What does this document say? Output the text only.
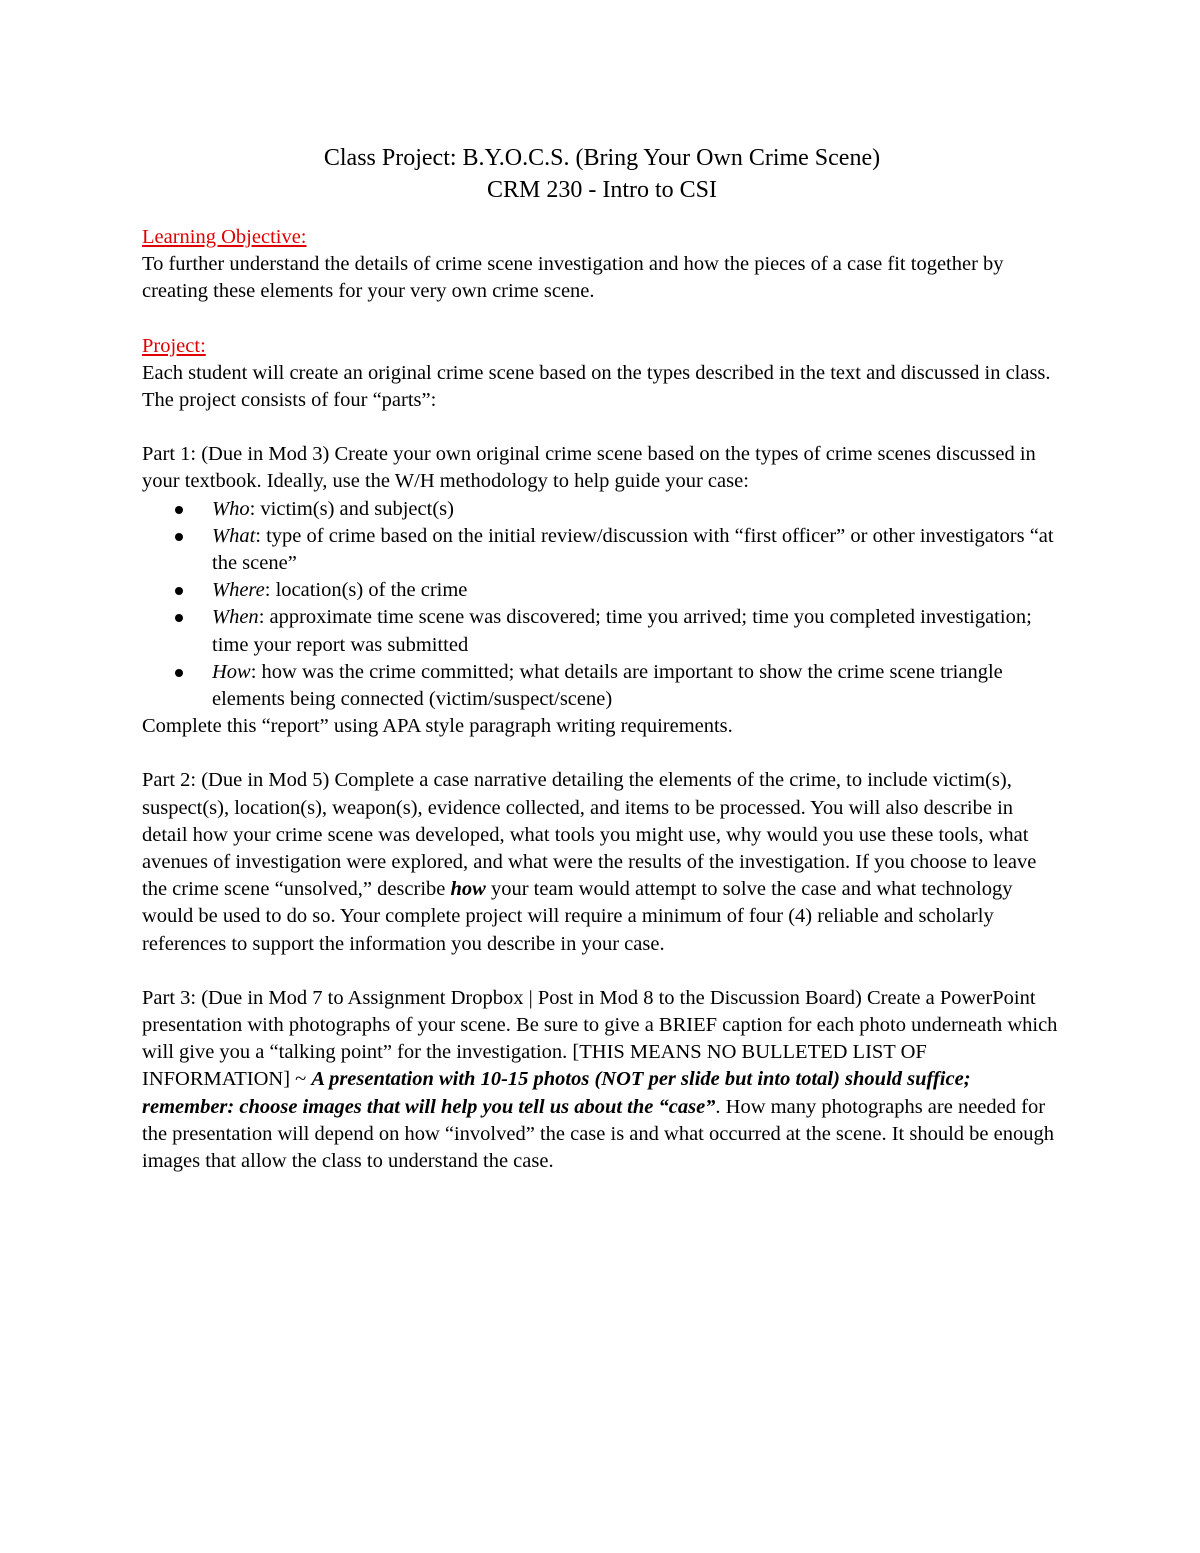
Class Project: B.Y.O.C.S. (Bring Your Own Crime Scene)
CRM 230 - Intro to CSI

Learning Objective:
To further understand the details of crime scene investigation and how the pieces of a case fit together by creating these elements for your very own crime scene.

Project:
Each student will create an original crime scene based on the types described in the text and discussed in class. The project consists of four “parts”:

Part 1: (Due in Mod 3) Create your own original crime scene based on the types of crime scenes discussed in your textbook. Ideally, use the W/H methodology to help guide your case:
Who: victim(s) and subject(s)
What: type of crime based on the initial review/discussion with “first officer” or other investigators “at the scene”
Where: location(s) of the crime
When: approximate time scene was discovered; time you arrived; time you completed investigation; time your report was submitted
How: how was the crime committed; what details are important to show the crime scene triangle elements being connected (victim/suspect/scene)
Complete this “report” using APA style paragraph writing requirements.

Part 2: (Due in Mod 5) Complete a case narrative detailing the elements of the crime, to include victim(s), suspect(s), location(s), weapon(s), evidence collected, and items to be processed. You will also describe in detail how your crime scene was developed, what tools you might use, why would you use these tools, what avenues of investigation were explored, and what were the results of the investigation. If you choose to leave the crime scene “unsolved,” describe how your team would attempt to solve the case and what technology would be used to do so. Your complete project will require a minimum of four (4) reliable and scholarly references to support the information you describe in your case.

Part 3: (Due in Mod 7 to Assignment Dropbox | Post in Mod 8 to the Discussion Board) Create a PowerPoint presentation with photographs of your scene. Be sure to give a BRIEF caption for each photo underneath which will give you a “talking point” for the investigation. [THIS MEANS NO BULLETED LIST OF INFORMATION] ~ A presentation with 10-15 photos (NOT per slide but into total) should suffice; remember: choose images that will help you tell us about the “case”. How many photographs are needed for the presentation will depend on how “involved” the case is and what occurred at the scene. It should be enough images that allow the class to understand the case.
